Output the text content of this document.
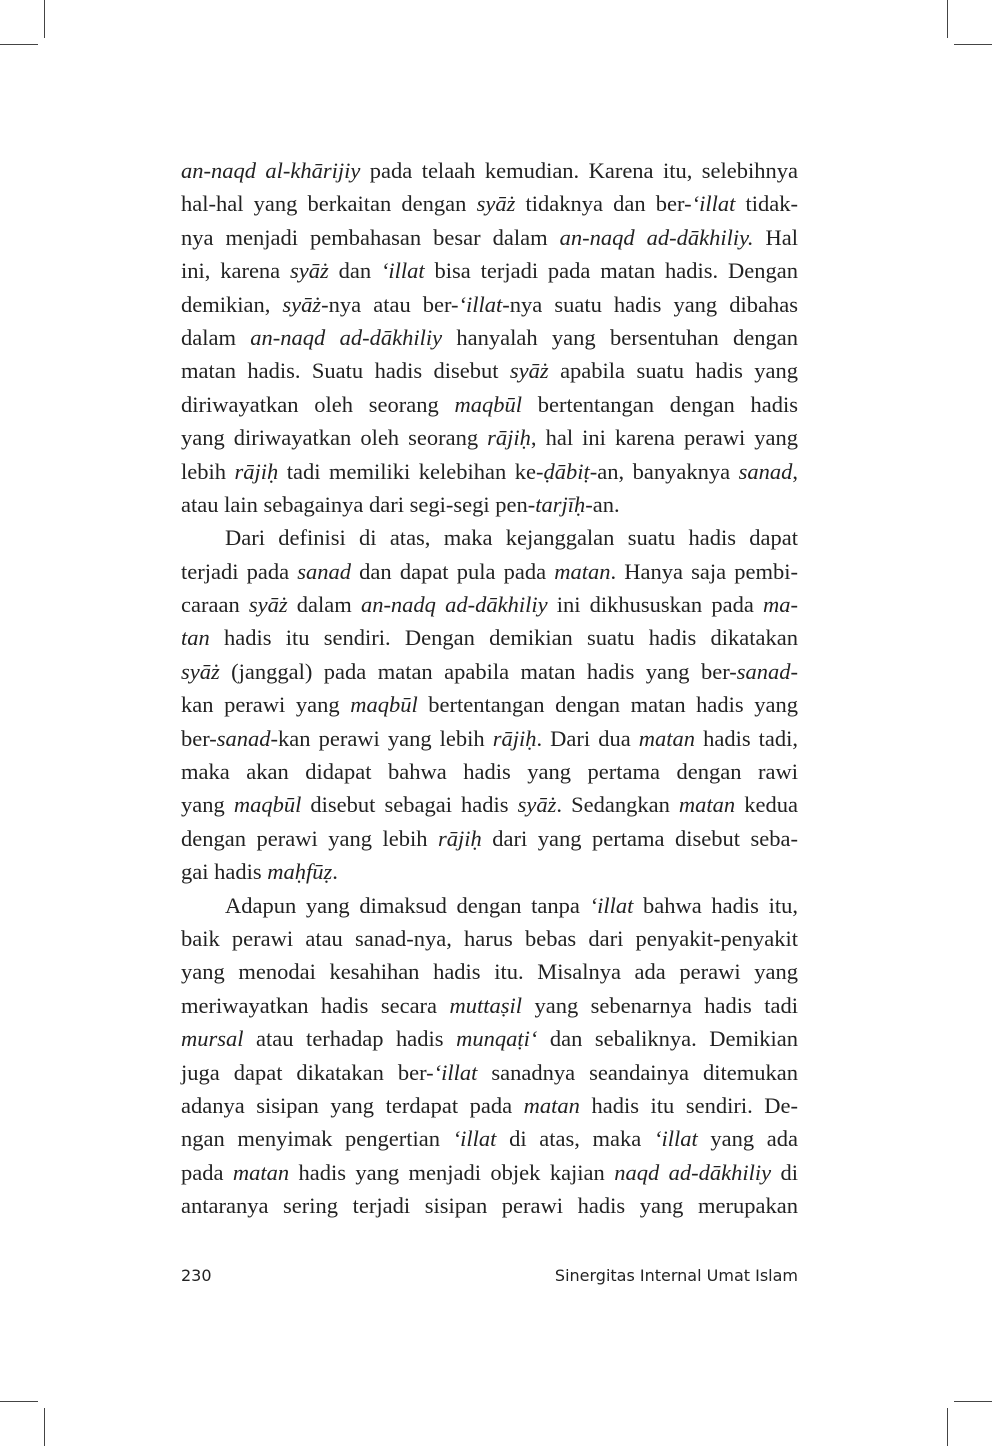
an-naqd al-khārijiy pada telaah kemudian. Karena itu, selebihnya
hal-hal yang berkaitan dengan syāż tidaknya dan ber-‘illat tidak-
nya menjadi pembahasan besar dalam an-naqd ad-dākhiliy. Hal
ini, karena syāż dan ‘illat bisa terjadi pada matan hadis. Dengan
demikian, syāż-nya atau ber-‘illat-nya suatu hadis yang dibahas
dalam an-naqd ad-dākhiliy hanyalah yang bersentuhan dengan
matan hadis. Suatu hadis disebut syāż apabila suatu hadis yang
diriwayatkan oleh seorang maqbūl bertentangan dengan hadis
yang diriwayatkan oleh seorang rājiḥ, hal ini karena perawi yang
lebih rājiḥ tadi memiliki kelebihan ke-ḍābiṭ-an, banyaknya sanad,
atau lain sebagainya dari segi-segi pen-tarjīḥ-an.
Dari definisi di atas, maka kejanggalan suatu hadis dapat
terjadi pada sanad dan dapat pula pada matan. Hanya saja pembi-
caraan syāż dalam an-nadq ad-dākhiliy ini dikhususkan pada ma-
tan hadis itu sendiri. Dengan demikian suatu hadis dikatakan
syāż (janggal) pada matan apabila matan hadis yang ber-sanad-
kan perawi yang maqbūl bertentangan dengan matan hadis yang
ber-sanad-kan perawi yang lebih rājiḥ. Dari dua matan hadis tadi,
maka akan didapat bahwa hadis yang pertama dengan rawi
yang maqbūl disebut sebagai hadis syāż. Sedangkan matan kedua
dengan perawi yang lebih rājiḥ dari yang pertama disebut seba-
gai hadis maḥfūẓ.
Adapun yang dimaksud dengan tanpa ‘illat bahwa hadis itu,
baik perawi atau sanad-nya, harus bebas dari penyakit-penyakit
yang menodai kesahihan hadis itu. Misalnya ada perawi yang
meriwayatkan hadis secara muttaṣil yang sebenarnya hadis tadi
mursal atau terhadap hadis munqaṭi‘ dan sebaliknya. Demikian
juga dapat dikatakan ber-‘illat sanadnya seandainya ditemukan
adanya sisipan yang terdapat pada matan hadis itu sendiri. De-
ngan menyimak pengertian ‘illat di atas, maka ‘illat yang ada
pada matan hadis yang menjadi objek kajian naqd ad-dākhiliy di
antaranya sering terjadi sisipan perawi hadis yang merupakan
230	Sinergitas Internal Umat Islam
